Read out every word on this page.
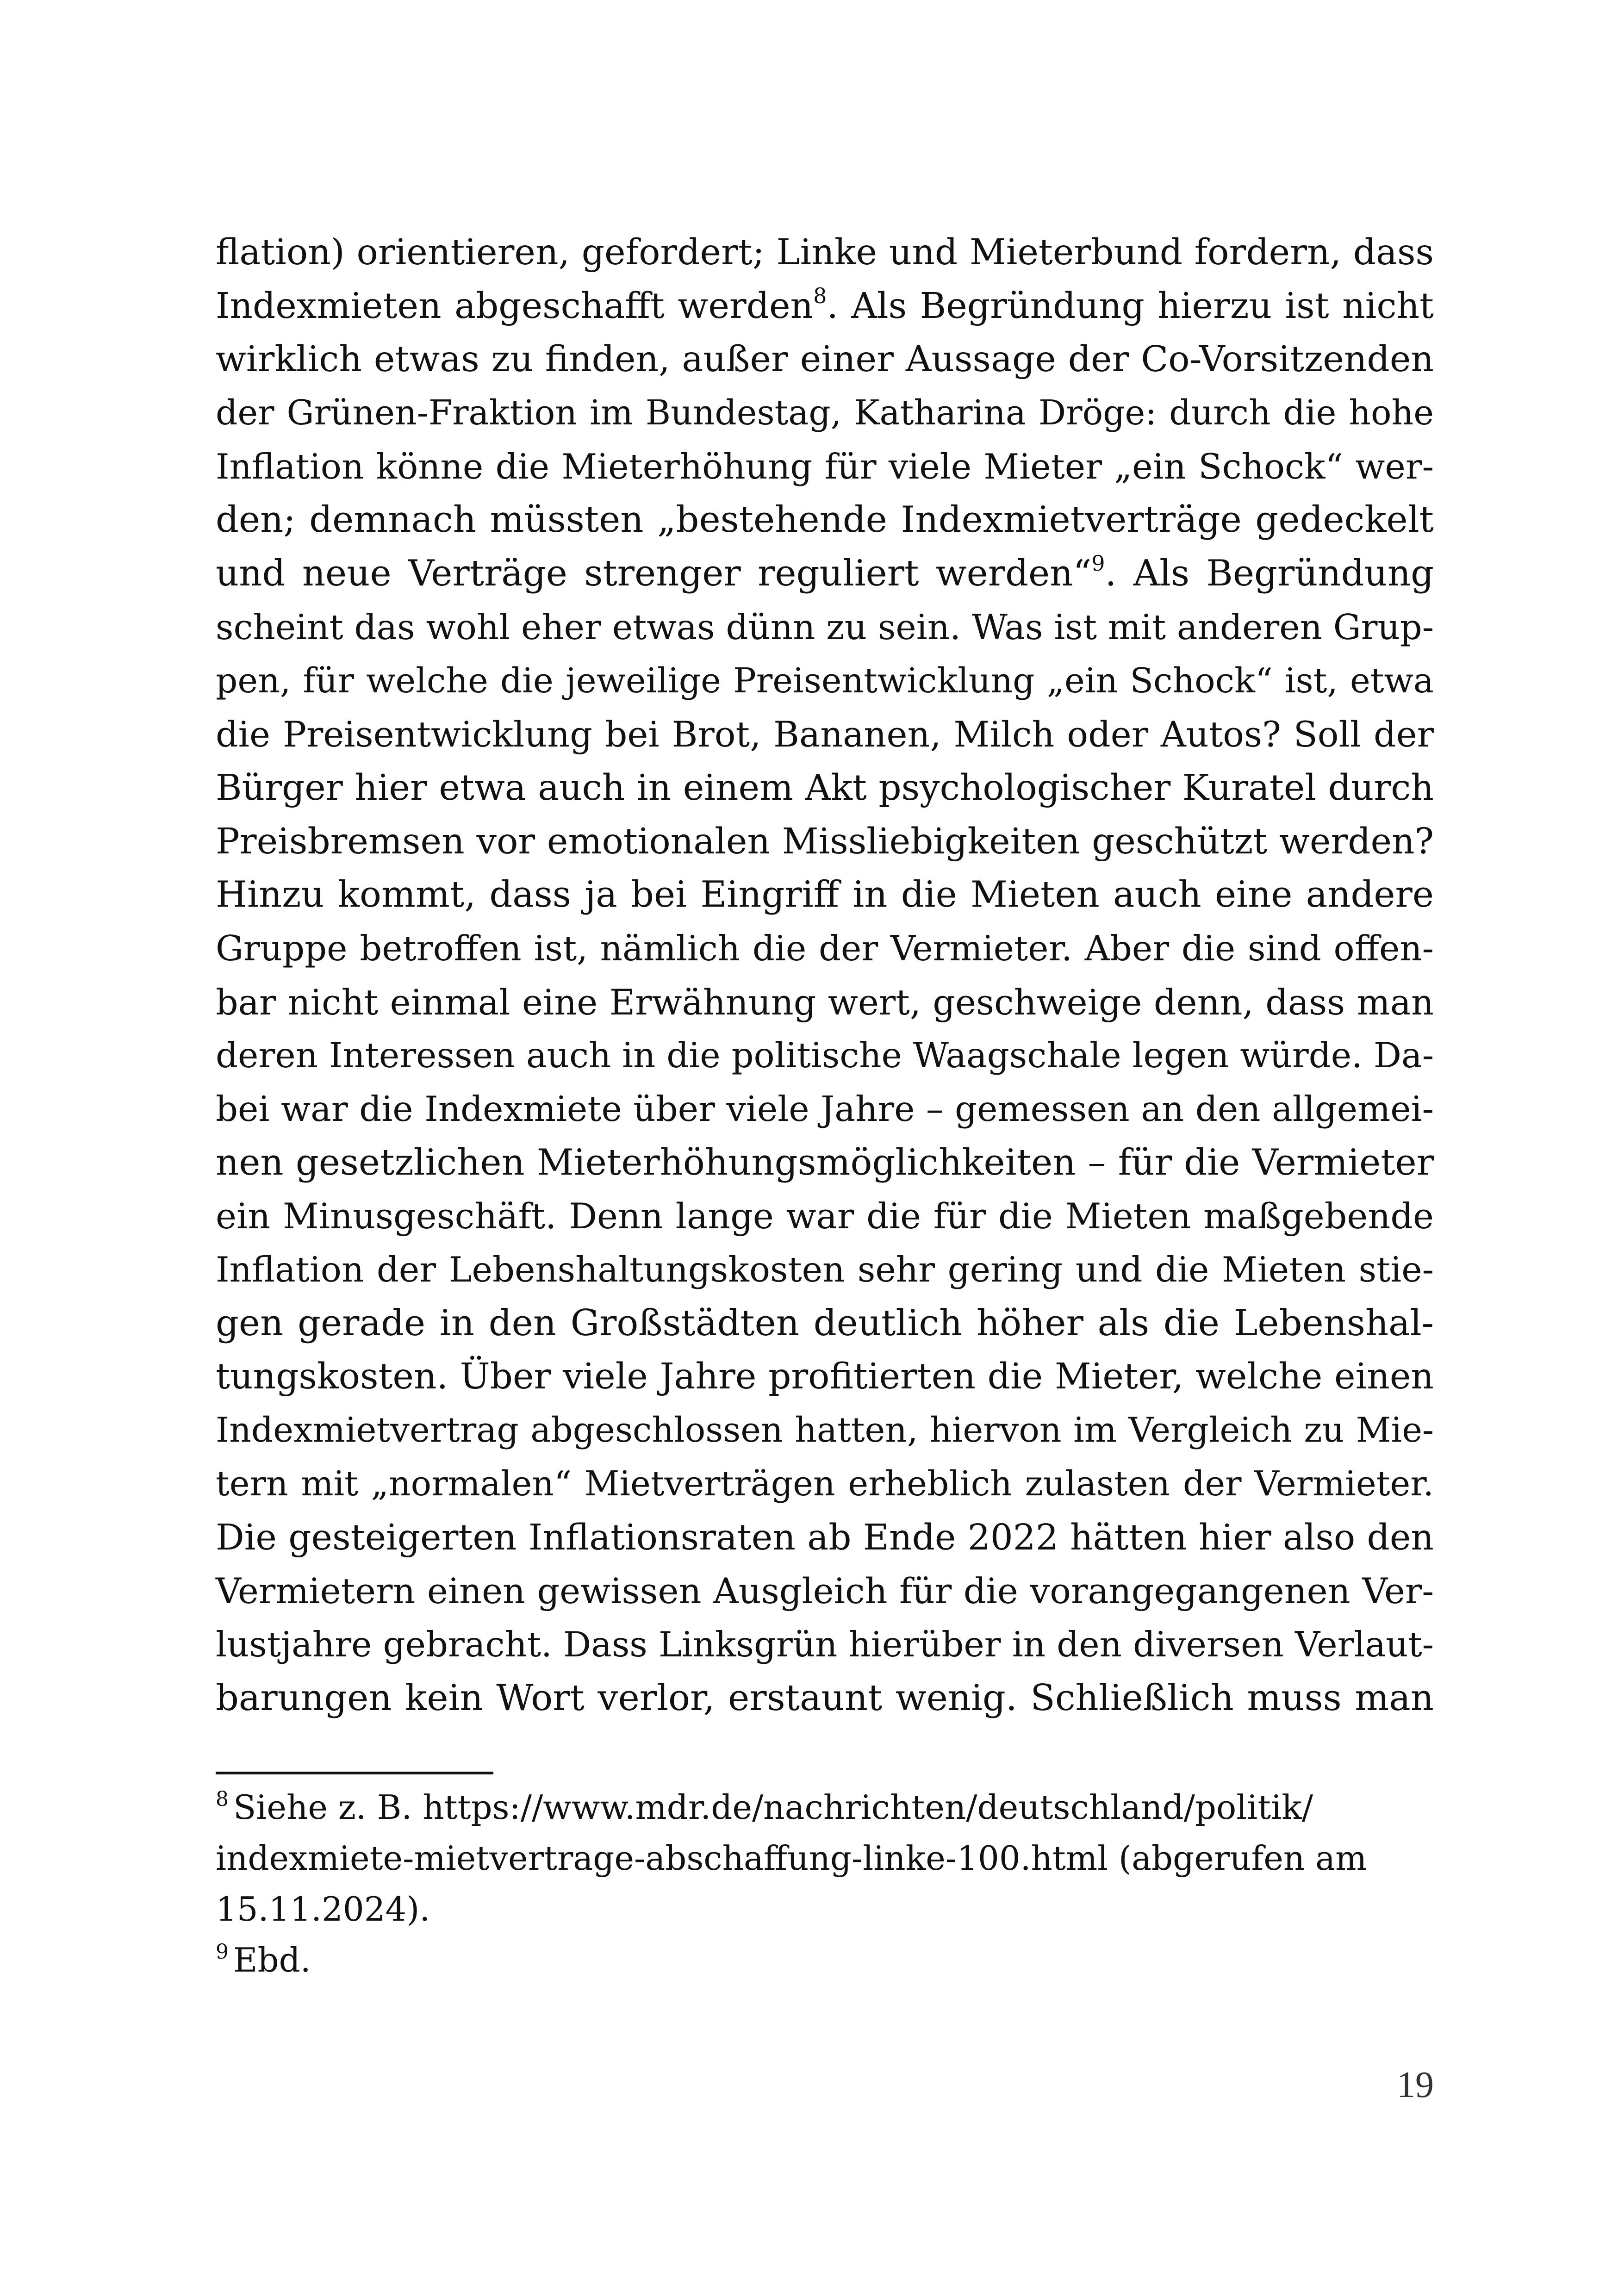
flation) orientieren, gefordert; Linke und Mieterbund fordern, dass
Indexmieten abgeschafft werden$^8$. Als Begründung hierzu ist nicht
wirklich etwas zu finden, außer einer Aussage der Co-Vorsitzenden
der Grünen-Fraktion im Bundestag, Katharina Dröge: durch die hohe
Inflation könne die Mieterhöhung für viele Mieter „ein Schock“ wer-
den; demnach müssten „bestehende Indexmietverträge gedeckelt
und neue Verträge strenger reguliert werden“$^9$. Als Begründung
scheint das wohl eher etwas dünn zu sein. Was ist mit anderen Grup-
pen, für welche die jeweilige Preisentwicklung „ein Schock“ ist, etwa
die Preisentwicklung bei Brot, Bananen, Milch oder Autos? Soll der
Bürger hier etwa auch in einem Akt psychologischer Kuratel durch
Preisbremsen vor emotionalen Missliebigkeiten geschützt werden?
Hinzu kommt, dass ja bei Eingriff in die Mieten auch eine andere
Gruppe betroffen ist, nämlich die der Vermieter. Aber die sind offen-
bar nicht einmal eine Erwähnung wert, geschweige denn, dass man
deren Interessen auch in die politische Waagschale legen würde. Da-
bei war die Indexmiete über viele Jahre – gemessen an den allgemei-
nen gesetzlichen Mieterhöhungsmöglichkeiten – für die Vermieter
ein Minusgeschäft. Denn lange war die für die Mieten maßgebende
Inflation der Lebenshaltungskosten sehr gering und die Mieten stie-
gen gerade in den Großstädten deutlich höher als die Lebenshal-
tungskosten. Über viele Jahre profitierten die Mieter, welche einen
Indexmietvertrag abgeschlossen hatten, hiervon im Vergleich zu Mie-
tern mit „normalen“ Mietverträgen erheblich zulasten der Vermieter.
Die gesteigerten Inflationsraten ab Ende 2022 hätten hier also den
Vermietern einen gewissen Ausgleich für die vorangegangenen Ver-
lustjahre gebracht. Dass Linksgrün hierüber in den diversen Verlaut-
barungen kein Wort verlor, erstaunt wenig. Schließlich muss man
$^8$ Siehe z. B. https://www.mdr.de/nachrichten/deutschland/politik/
indexmiete-mietvertrage-abschaffung-linke-100.html (abgerufen am
15.11.2024).
$^9$ Ebd.
19
